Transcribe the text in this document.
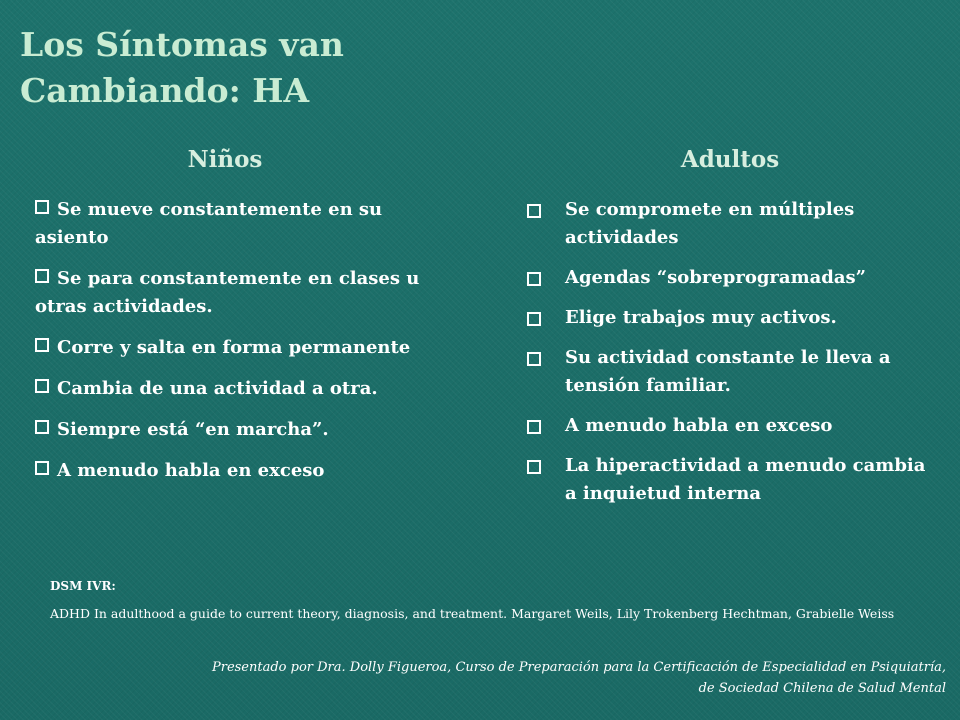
Los Síntomas van
Cambiando: HA
Niños
Se mueve constantemente en su asiento
Se para constantemente en clases u otras actividades.
Corre y salta en forma permanente
Cambia de una actividad a otra.
Siempre está “en marcha”.
A menudo habla en exceso
Adultos
Se compromete en múltiples actividades
Agendas “sobreprogramadas”
Elige trabajos muy activos.
Su actividad constante le lleva a tensión familiar.
A menudo habla en exceso
La hiperactividad a menudo cambia a inquietud interna
DSM IVR:
ADHD In adulthood a guide to current theory, diagnosis, and treatment. Margaret Weils, Lily Trokenberg Hechtman, Grabielle Weiss
Presentado por Dra. Dolly Figueroa, Curso de Preparación para la Certificación de Especialidad en Psiquiatría,
de Sociedad Chilena de Salud Mental
